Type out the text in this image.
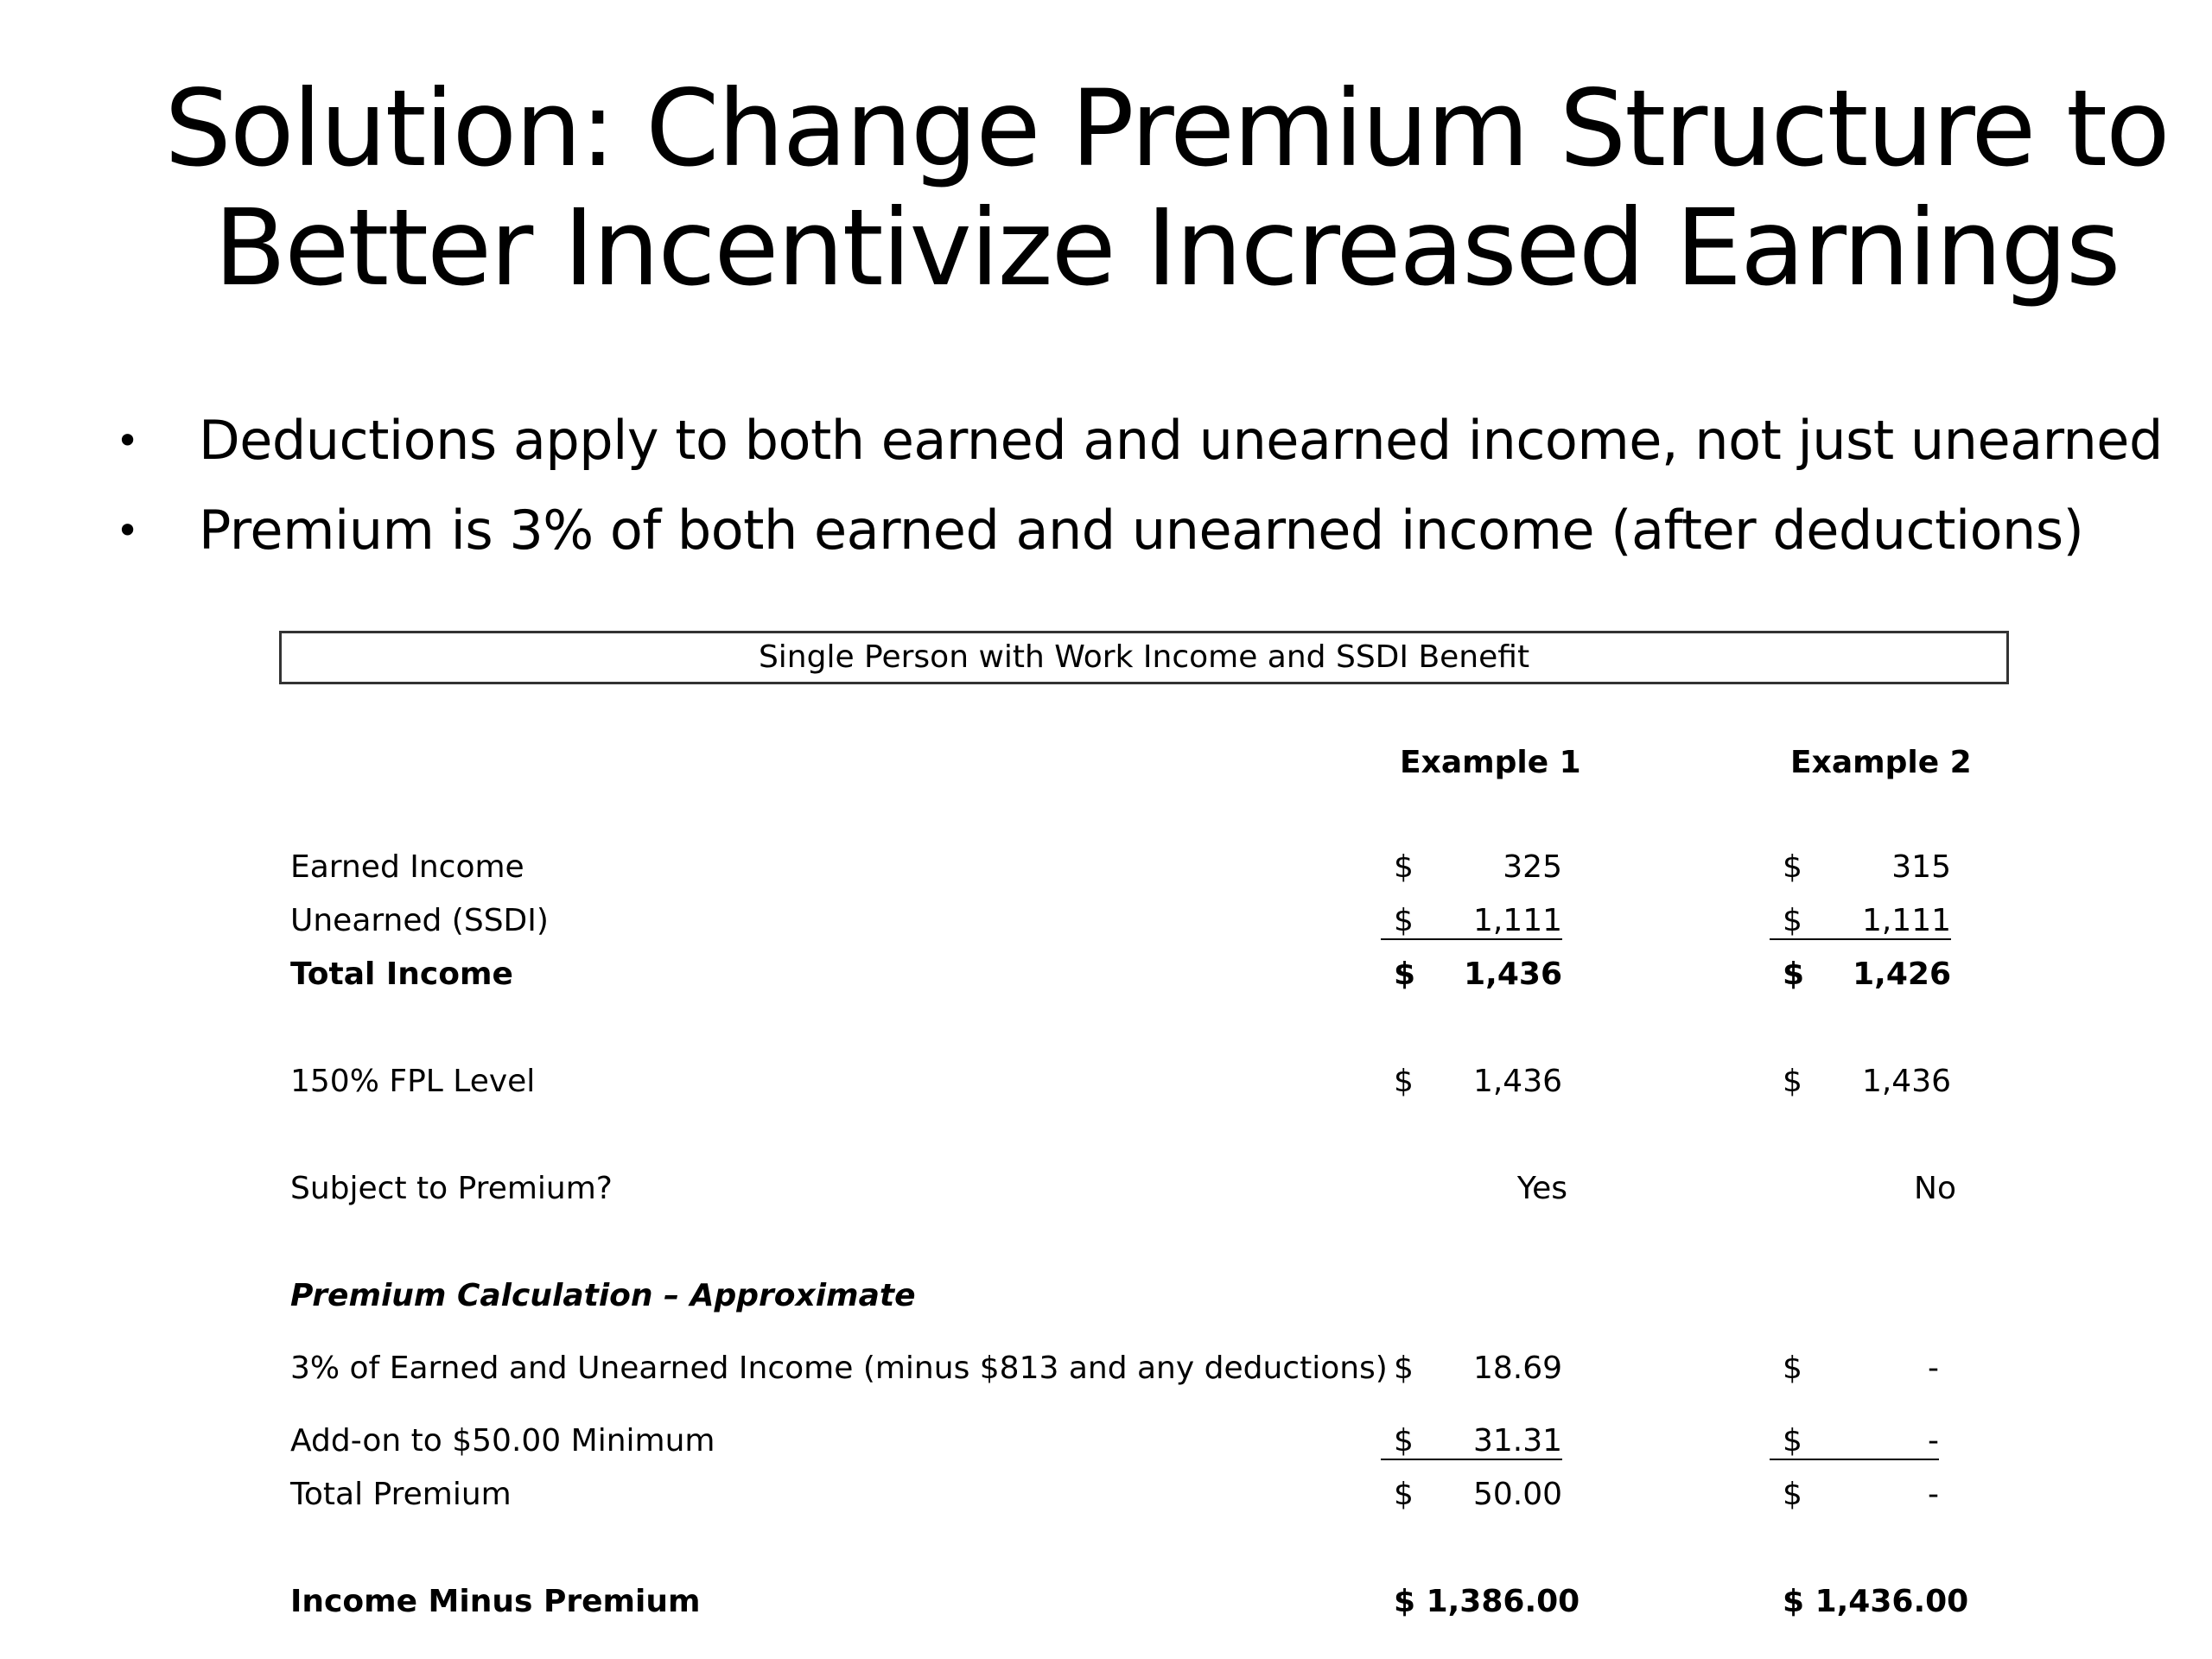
Solution: Change Premium Structure to
Better Incentivize Increased Earnings
• Deductions apply to both earned and unearned income, not just unearned
• Premium is 3% of both earned and unearned income (after deductions)
Single Person with Work Income and SSDI Benefit
Example 1	Example 2
Earned Income	$	325	$	315
Unearned (SSDI)	$ 1,111	$ 1,111
Total Income	$ 1,436	$ 1,426
150% FPL Level	$ 1,436	$ 1,436
Subject to Premium?	Yes	No
Premium Calculation – Approximate
3% of Earned and Unearned Income (minus $813 and any deductions) $ 18.69	$	-
Add-on to $50.00 Minimum	$ 31.31	$	-
Total Premium	$ 50.00	$	-
Income Minus Premium	$ 1,386.00	$ 1,436.00
